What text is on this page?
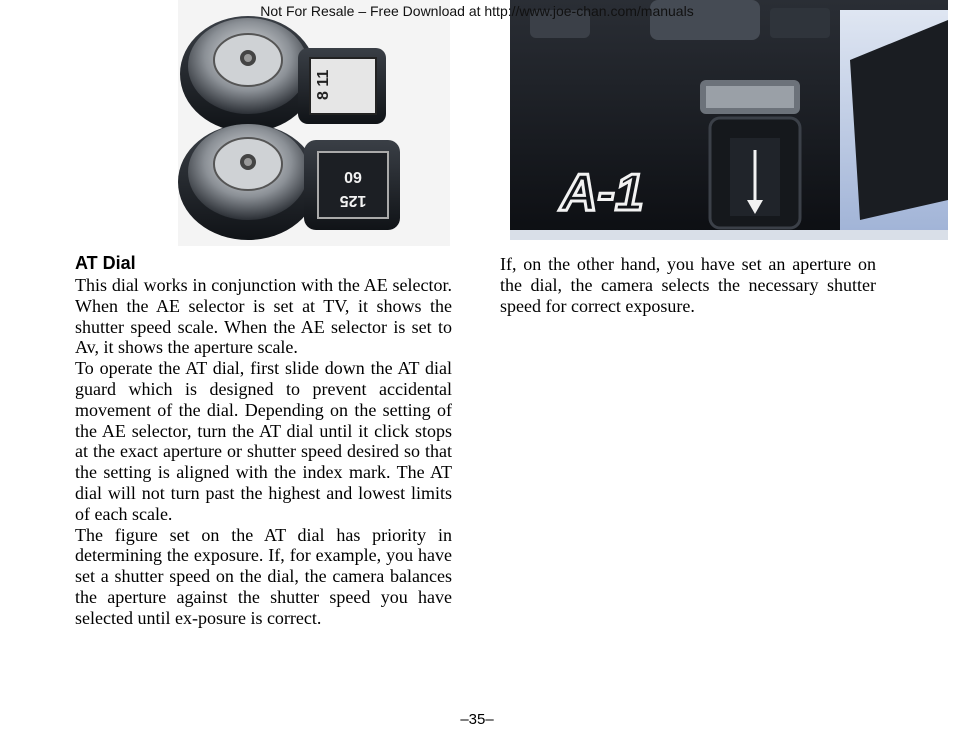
Not For Resale – Free Download at http://www.joe-chan.com/manuals
8 11
60
125	A-1
AT Dial

This dial works in conjunction with the AE selector. When the AE selector is set at TV, it shows the shutter speed scale. When the AE selector is set to Av, it shows the aperture scale.

To operate the AT dial, first slide down the AT dial guard which is designed to prevent accidental movement of the dial. Depending on the setting of the AE selector, turn the AT dial until it click stops at the exact aperture or shutter speed desired so that the setting is aligned with the index mark. The AT dial will not turn past the highest and lowest limits of each scale.

The figure set on the AT dial has priority in determining the exposure. If, for example, you have set a shutter speed on the dial, the camera balances the aperture against the shutter speed you have selected until ex-posure is correct.

If, on the other hand, you have set an aperture on the dial, the camera selects the necessary shutter speed for correct exposure.

–35–
